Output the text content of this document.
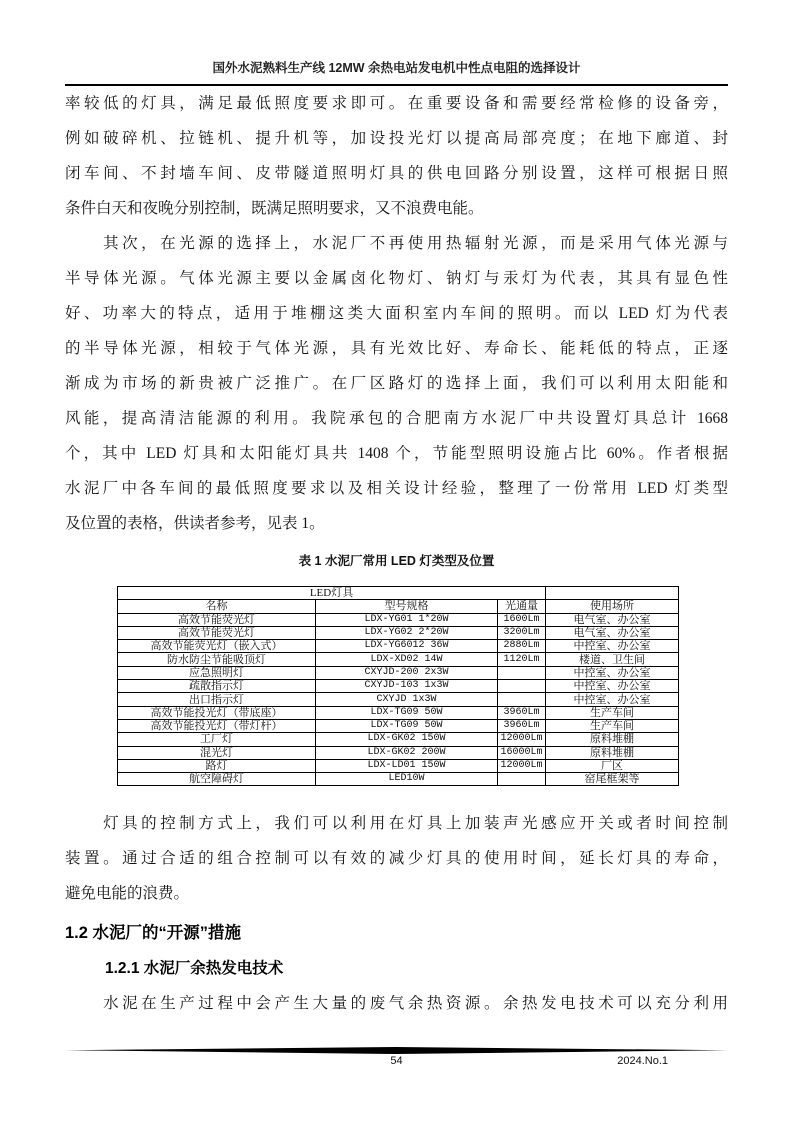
国外水泥熟料生产线 12MW 余热电站发电机中性点电阻的选择设计
率较低的灯具，满足最低照度要求即可。在重要设备和需要经常检修的设备旁，
例如破碎机、拉链机、提升机等，加设投光灯以提高局部亮度；在地下廊道、封
闭车间、不封墙车间、皮带隧道照明灯具的供电回路分别设置，这样可根据日照
条件白天和夜晚分别控制，既满足照明要求，又不浪费电能。
　　其次，在光源的选择上，水泥厂不再使用热辐射光源，而是采用气体光源与
半导体光源。气体光源主要以金属卤化物灯、钠灯与汞灯为代表，其具有显色性
好、功率大的特点，适用于堆棚这类大面积室内车间的照明。而以 LED 灯为代表
的半导体光源，相较于气体光源，具有光效比好、寿命长、能耗低的特点，正逐
渐成为市场的新贵被广泛推广。在厂区路灯的选择上面，我们可以利用太阳能和
风能，提高清洁能源的利用。我院承包的合肥南方水泥厂中共设置灯具总计 1668
个，其中 LED 灯具和太阳能灯具共 1408 个，节能型照明设施占比 60%。作者根据
水泥厂中各车间的最低照度要求以及相关设计经验，整理了一份常用 LED 灯类型
及位置的表格，供读者参考，见表 1。
表 1 水泥厂常用 LED 灯类型及位置
LED灯具			
名称	型号规格	光通量	使用场所
高效节能荧光灯	LDX-YG01 1*20W	1600Lm	电气室、办公室
高效节能荧光灯	LDX-YG02 2*20W	3200Lm	电气室、办公室
高效节能荧光灯（嵌入式）	LDX-YG6012 36W	2880Lm	中控室、办公室
防水防尘节能吸顶灯	LDX-XD02 14W	1120Lm	楼道、卫生间
应急照明灯	CXYJD-200 2x3W		中控室、办公室
疏散指示灯	CXYJD-103 1x3W		中控室、办公室
出口指示灯	CXYJD 1x3W		中控室、办公室
高效节能投光灯（带底座）	LDX-TG09 50W	3960Lm	生产车间
高效节能投光灯（带灯杆）	LDX-TG09 50W	3960Lm	生产车间
工厂灯	LDX-GK02 150W	12000Lm	原料堆棚
混光灯	LDX-GK02 200W	16000Lm	原料堆棚
路灯	LDX-LD01 150W	12000Lm	厂区
航空障碍灯	LED10W		窑尾框架等
　　灯具的控制方式上，我们可以利用在灯具上加装声光感应开关或者时间控制
装置。通过合适的组合控制可以有效的减少灯具的使用时间，延长灯具的寿命，
避免电能的浪费。
1.2 水泥厂的“开源”措施
1.2.1 水泥厂余热发电技术
　　水泥在生产过程中会产生大量的废气余热资源。余热发电技术可以充分利用
54	2024.No.1
